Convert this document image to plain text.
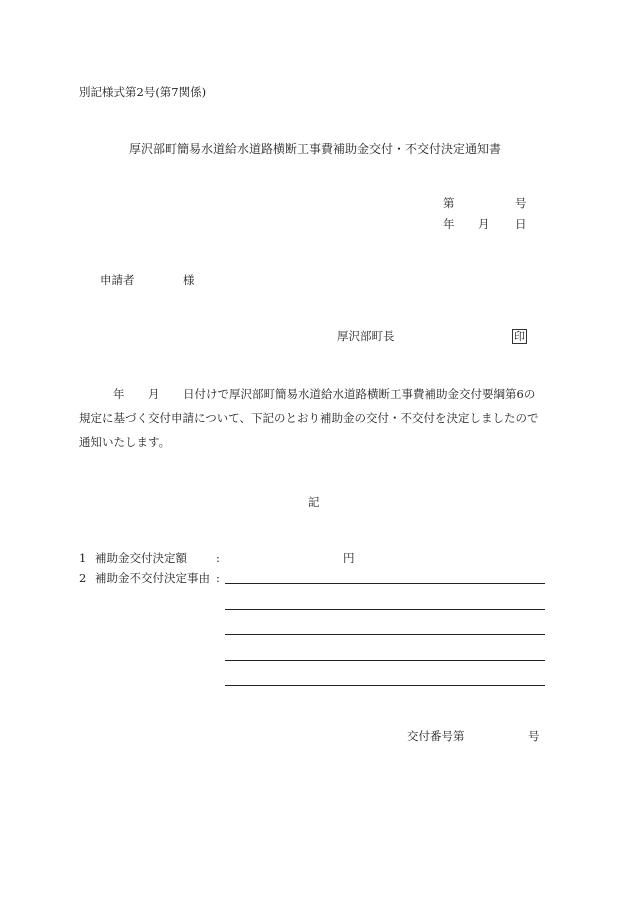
別記様式第2号(第7関係)
厚沢部町簡易水道給水道路横断工事費補助金交付・不交付決定通知書
第	号
年 月 日
申請者	様
厚沢部町長	印
年 月 日付けで厚沢部町簡易水道給水道路横断工事費補助金交付要綱第6の
規定に基づく交付申請について、下記のとおり補助金の交付・不交付を決定しましたので
通知いたします。
記
1 補助金交付決定額	:	円
2 補助金不交付決定事由 :
交付番号第	号
